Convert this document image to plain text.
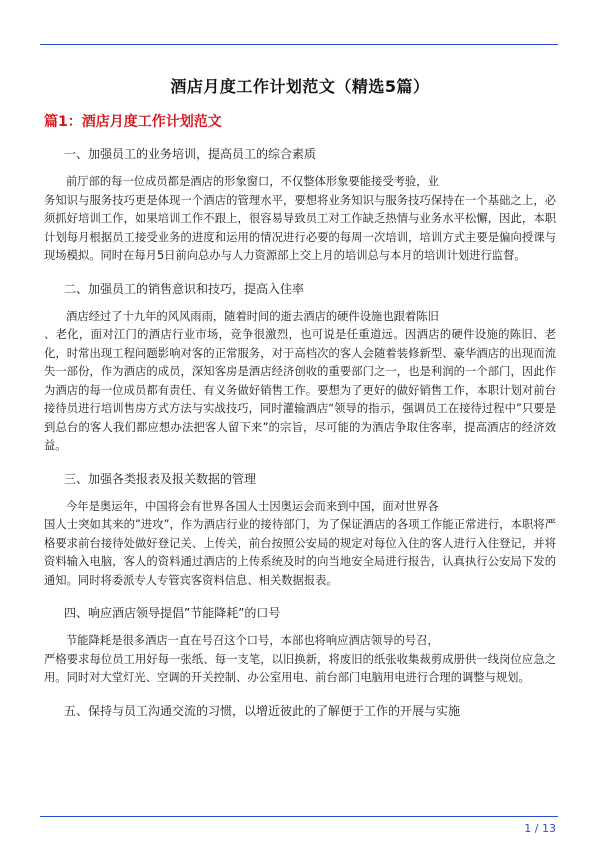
酒店月度工作计划范文（精选5篇）
篇1：酒店月度工作计划范文
一、加强员工的业务培训，提高员工的综合素质
前厅部的每一位成员都是酒店的形象窗口，不仅整体形象要能接受考验，业
务知识与服务技巧更是体现一个酒店的管理水平，要想将业务知识与服务技巧保持在一个基础之上，必须抓好培训工作，如果培训工作不跟上，很容易导致员工对工作缺乏热情与业务水平松懈，因此，本职计划每月根据员工接受业务的进度和运用的情况进行必要的每周一次培训，培训方式主要是偏向授课与现场模拟。同时在每月5日前向总办与人力资源部上交上月的培训总与本月的培训计划进行监督。
二、加强员工的销售意识和技巧，提高入住率
酒店经过了十九年的风风雨雨，随着时间的逝去酒店的硬件设施也跟着陈旧
、老化，面对江门的酒店行业市场，竞争很激烈，也可说是任重道远。因酒店的硬件设施的陈旧、老化，时常出现工程问题影响对客的正常服务，对于高档次的客人会随着装修新型、豪华酒店的出现而流失一部份，作为酒店的成员，深知客房是酒店经济创收的重要部门之一，也是利润的一个部门，因此作为酒店的每一位成员都有责任、有义务做好销售工作。要想为了更好的做好销售工作，本职计划对前台接待员进行培训售房方式方法与实战技巧，同时灌输酒店“领导的指示，强调员工在接待过程中”只要是到总台的客人我们都应想办法把客人留下来”的宗旨，尽可能的为酒店争取住客率，提高酒店的经济效益。
三、加强各类报表及报关数据的管理
今年是奥运年，中国将会有世界各国人士因奥运会而来到中国，面对世界各
国人士突如其来的”进攻”，作为酒店行业的接待部门，为了保证酒店的各项工作能正常进行，本职将严格要求前台接待处做好登记关、上传关，前台按照公安局的规定对每位入住的客人进行入住登记，并将资料输入电脑，客人的资料通过酒店的上传系统及时的向当地安全局进行报告，认真执行公安局下发的通知。同时将委派专人专管宾客资料信息、相关数据报表。
四、响应酒店领导提倡”节能降耗”的口号
节能降耗是很多酒店一直在号召这个口号，本部也将响应酒店领导的号召，
严格要求每位员工用好每一张纸、每一支笔，以旧换新，将废旧的纸张收集裁剪成册供一线岗位应急之用。同时对大堂灯光、空调的开关控制、办公室用电、前台部门电脑用电进行合理的调整与规划。
五、保持与员工沟通交流的习惯，以增近彼此的了解便于工作的开展与实施
1 / 13
